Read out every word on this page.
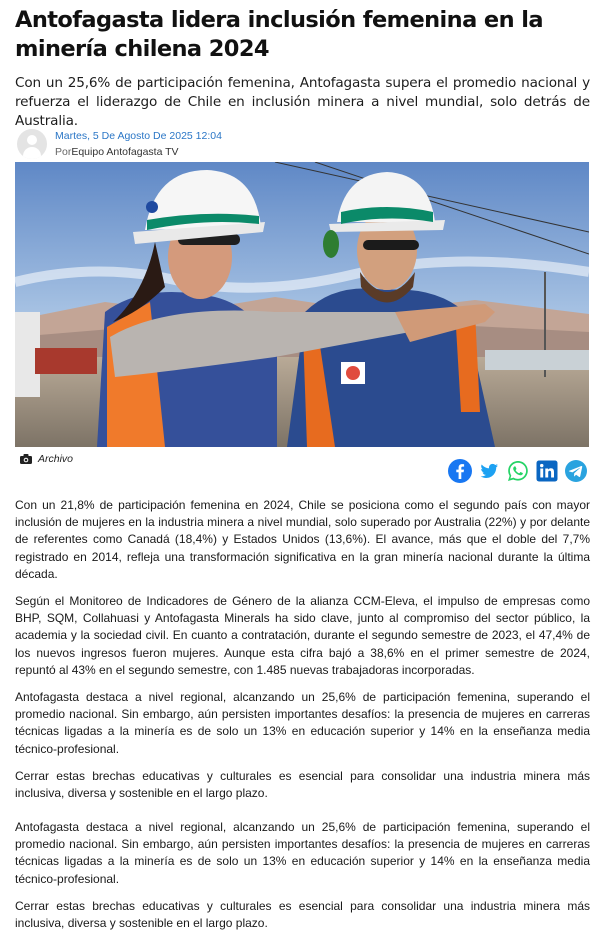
Antofagasta lidera inclusión femenina en la minería chilena 2024

Con un 25,6% de participación femenina, Antofagasta supera el promedio nacional y refuerza el liderazgo de Chile en inclusión minera a nivel mundial, solo detrás de Australia.

Martes, 5 De Agosto De 2025 12:04
PorEquipo Antofagasta TV
Archivo

Con un 21,8% de participación femenina en 2024, Chile se posiciona como el segundo país con mayor inclusión de mujeres en la industria minera a nivel mundial, solo superado por Australia (22%) y por delante de referentes como Canadá (18,4%) y Estados Unidos (13,6%). El avance, más que el doble del 7,7% registrado en 2014, refleja una transformación significativa en la gran minería nacional durante la última década.

Según el Monitoreo de Indicadores de Género de la alianza CCM-Eleva, el impulso de empresas como BHP, SQM, Collahuasi y Antofagasta Minerals ha sido clave, junto al compromiso del sector público, la academia y la sociedad civil. En cuanto a contratación, durante el segundo semestre de 2023, el 47,4% de los nuevos ingresos fueron mujeres. Aunque esta cifra bajó a 38,6% en el primer semestre de 2024, repuntó al 43% en el segundo semestre, con 1.485 nuevas trabajadoras incorporadas.

Antofagasta destaca a nivel regional, alcanzando un 25,6% de participación femenina, superando el promedio nacional. Sin embargo, aún persisten importantes desafíos: la presencia de mujeres en carreras técnicas ligadas a la minería es de solo un 13% en educación superior y 14% en la enseñanza media técnico-profesional.

Cerrar estas brechas educativas y culturales es esencial para consolidar una industria minera más inclusiva, diversa y sostenible en el largo plazo.

Antofagasta destaca a nivel regional, alcanzando un 25,6% de participación femenina, superando el promedio nacional. Sin embargo, aún persisten importantes desafíos: la presencia de mujeres en carreras técnicas ligadas a la minería es de solo un 13% en educación superior y 14% en la enseñanza media técnico-profesional.

Cerrar estas brechas educativas y culturales es esencial para consolidar una industria minera más inclusiva, diversa y sostenible en el largo plazo.
